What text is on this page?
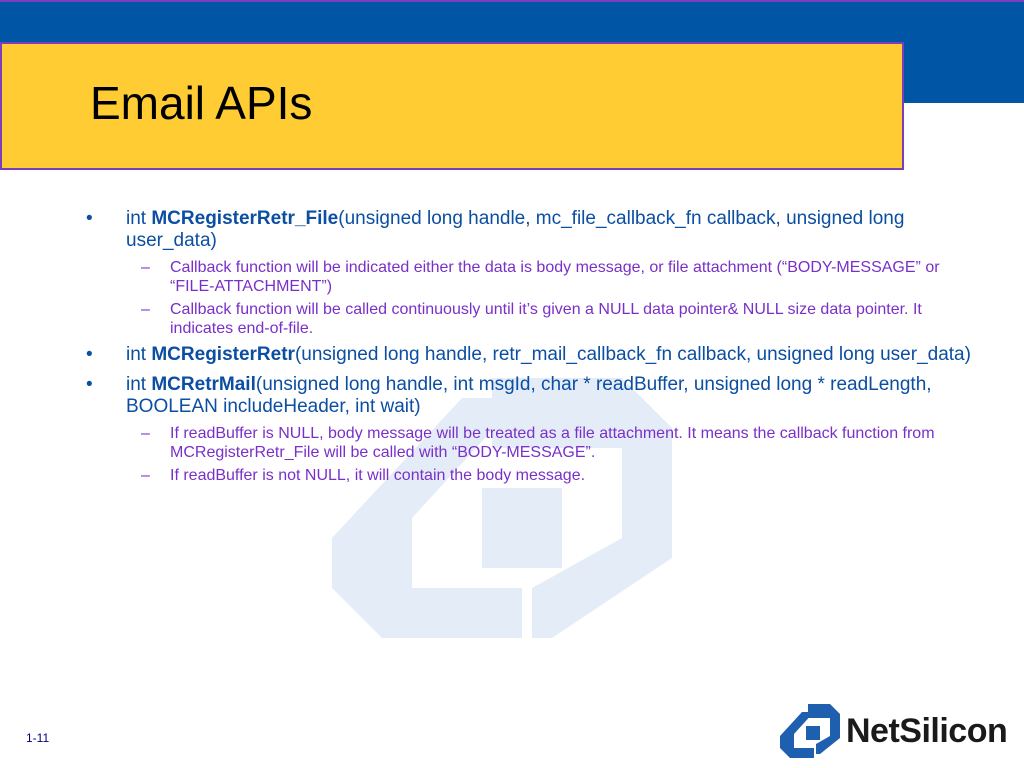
Email APIs
• int MCRegisterRetr_File(unsigned long handle, mc_file_callback_fn callback, unsigned long user_data)
– Callback function will be indicated either the data is body message, or file attachment (“BODY-MESSAGE” or “FILE-ATTACHMENT”)
– Callback function will be called continuously until it’s given a NULL data pointer& NULL size data pointer. It indicates end-of-file.
• int MCRegisterRetr(unsigned long handle, retr_mail_callback_fn callback, unsigned long user_data)
• int MCRetrMail(unsigned long handle, int msgId, char * readBuffer, unsigned long * readLength, BOOLEAN includeHeader, int wait)
– If readBuffer is NULL, body message will be treated as a file attachment. It means the callback function from MCRegisterRetr_File will be called with “BODY-MESSAGE”.
– If readBuffer is not NULL, it will contain the body message.
1-11	NetSilicon
